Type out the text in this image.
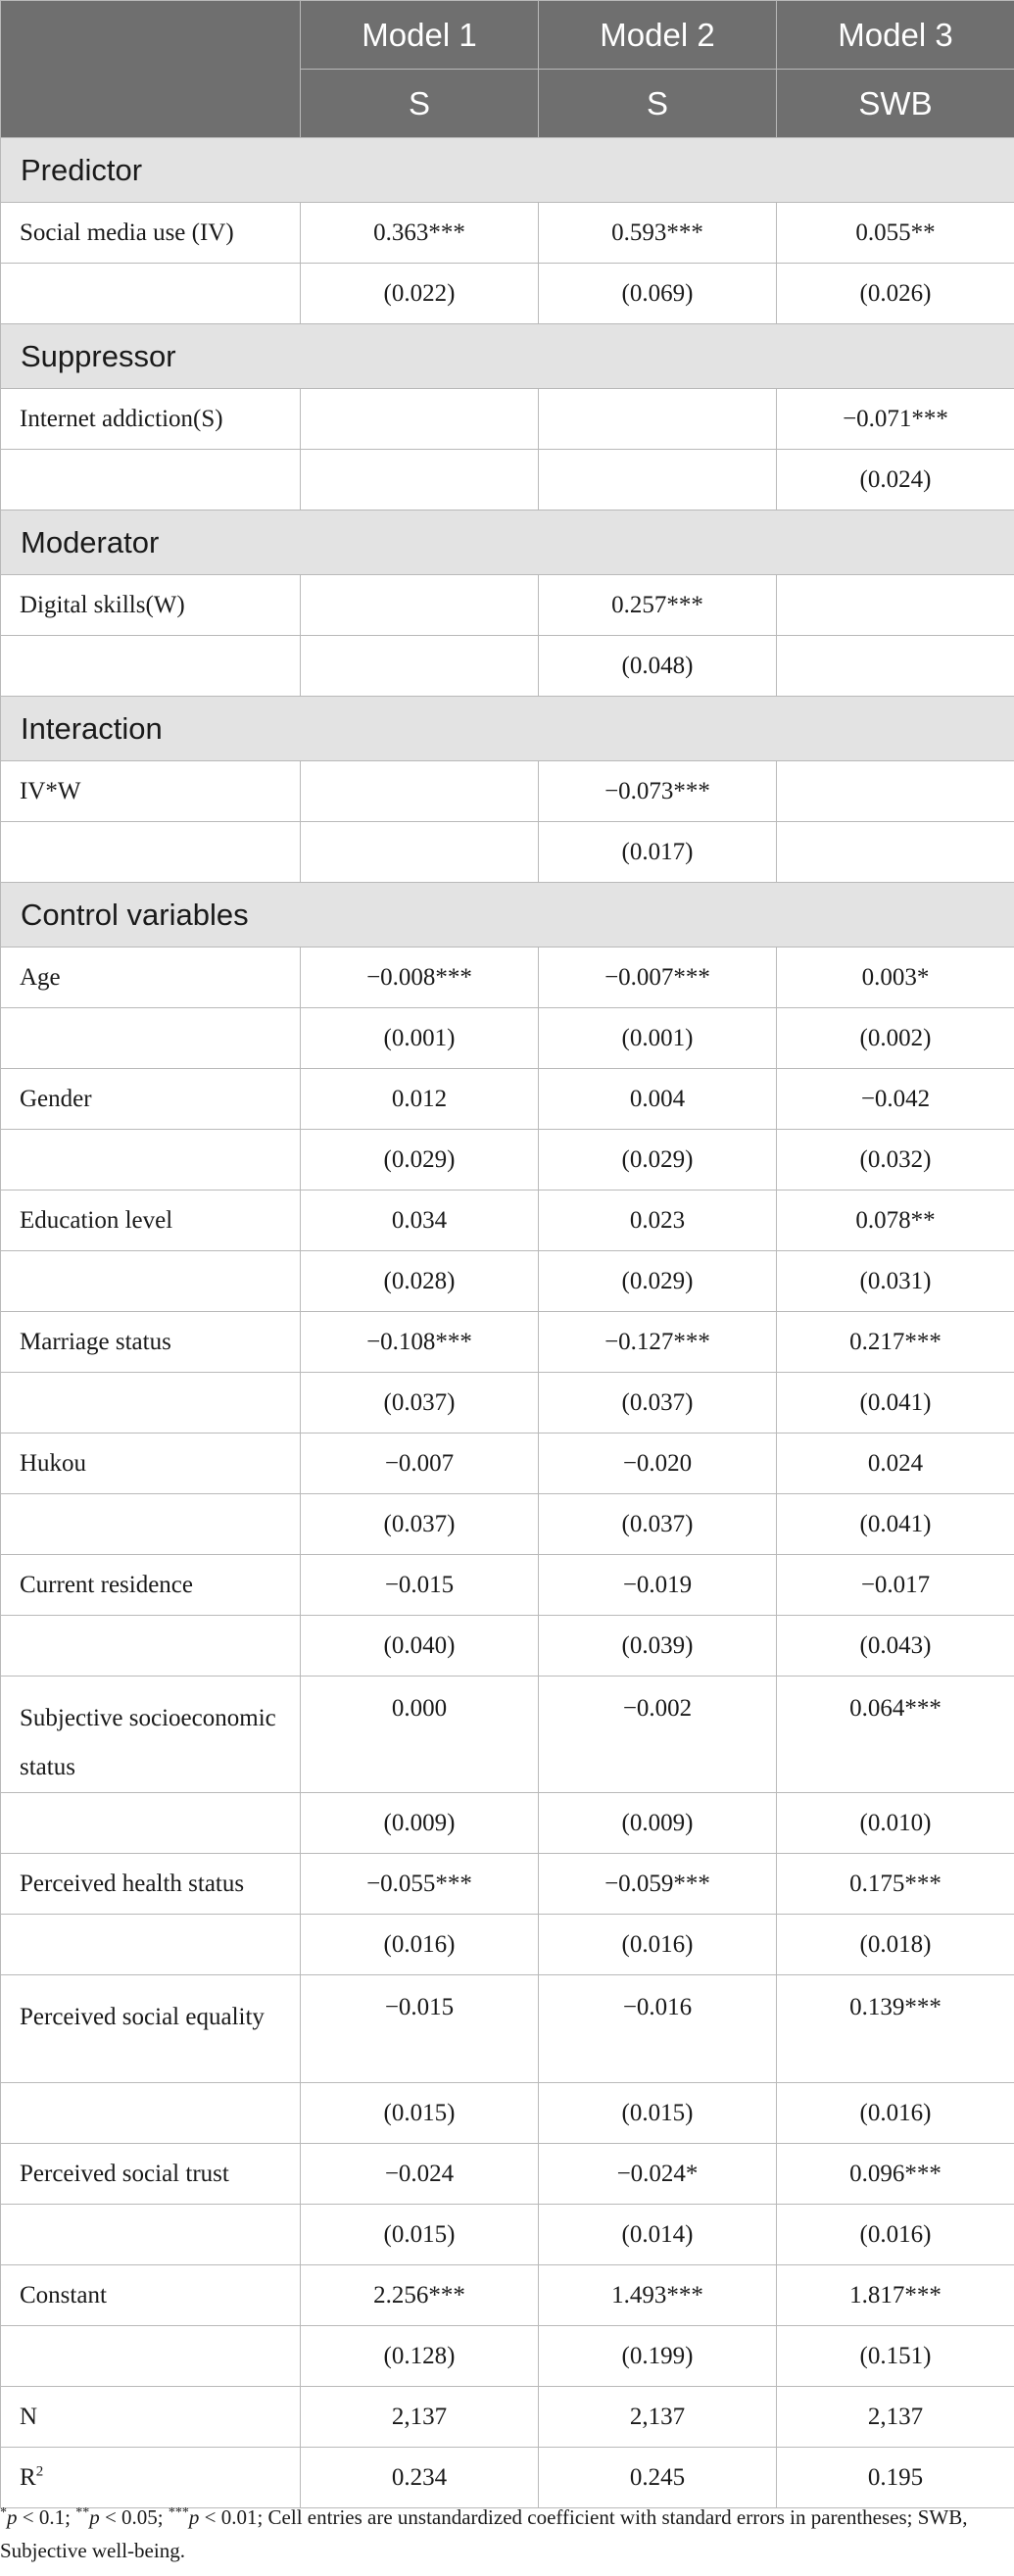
	Model 1	Model 2	Model 3
	S	S	SWB
Predictor			
Social media use (IV)	0.363***	0.593***	0.055**
	(0.022)	(0.069)	(0.026)
Suppressor			
Internet addiction(S)			−0.071***
			(0.024)
Moderator			
Digital skills(W)		0.257***	
		(0.048)	
Interaction			
IV*W		−0.073***	
		(0.017)	
Control variables			
Age	−0.008***	−0.007***	0.003*
	(0.001)	(0.001)	(0.002)
Gender	0.012	0.004	−0.042
	(0.029)	(0.029)	(0.032)
Education level	0.034	0.023	0.078**
	(0.028)	(0.029)	(0.031)
Marriage status	−0.108***	−0.127***	0.217***
	(0.037)	(0.037)	(0.041)
Hukou	−0.007	−0.020	0.024
	(0.037)	(0.037)	(0.041)
Current residence	−0.015	−0.019	−0.017
	(0.040)	(0.039)	(0.043)
Subjective socioeconomic status	0.000	−0.002	0.064***
	(0.009)	(0.009)	(0.010)
Perceived health status	−0.055***	−0.059***	0.175***
	(0.016)	(0.016)	(0.018)
Perceived social equality	−0.015	−0.016	0.139***
	(0.015)	(0.015)	(0.016)
Perceived social trust	−0.024	−0.024*	0.096***
	(0.015)	(0.014)	(0.016)
Constant	2.256***	1.493***	1.817***
	(0.128)	(0.199)	(0.151)
N	2,137	2,137	2,137
$R^2$	0.234	0.245	0.195
*p < 0.1; **p < 0.05; ***p < 0.01; Cell entries are unstandardized coefficient with standard errors in parentheses; SWB, Subjective well-being.
